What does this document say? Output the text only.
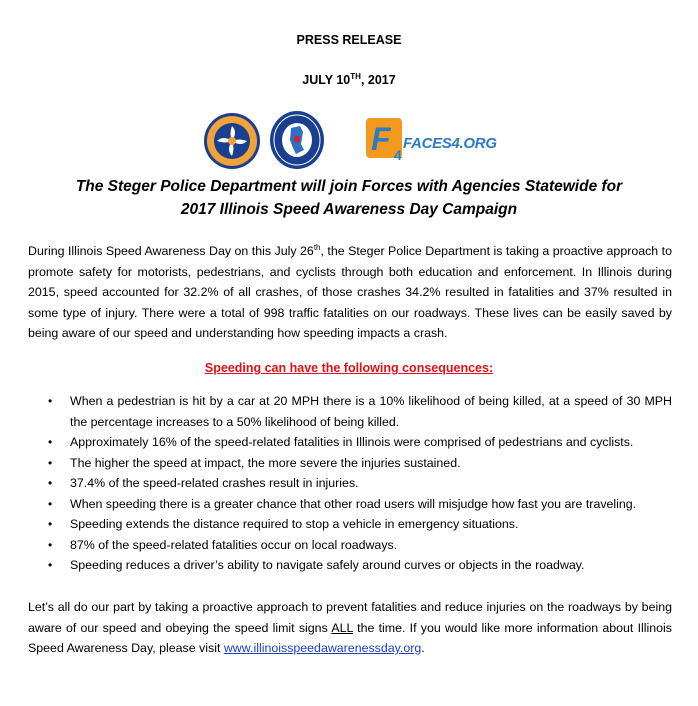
PRESS RELEASE
JULY 10TH, 2017
F 4
FACES4.ORG
The Steger Police Department will join Forces with Agencies Statewide for
2017 Illinois Speed Awareness Day Campaign

During Illinois Speed Awareness Day on this July 26th, the Steger Police Department is taking a proactive approach to promote safety for motorists, pedestrians, and cyclists through both education and enforcement. In Illinois during 2015, speed accounted for 32.2% of all crashes, of those crashes 34.2% resulted in fatalities and 37% resulted in some type of injury. There were a total of 998 traffic fatalities on our roadways. These lives can be easily saved by being aware of our speed and understanding how speeding impacts a crash.

Speeding can have the following consequences:
• When a pedestrian is hit by a car at 20 MPH there is a 10% likelihood of being killed, at a speed of 30 MPH the percentage increases to a 50% likelihood of being killed.
• Approximately 16% of the speed-related fatalities in Illinois were comprised of pedestrians and cyclists.
• The higher the speed at impact, the more severe the injuries sustained.
• 37.4% of the speed-related crashes result in injuries.
• When speeding there is a greater chance that other road users will misjudge how fast you are traveling.
• Speeding extends the distance required to stop a vehicle in emergency situations.
• 87% of the speed-related fatalities occur on local roadways.
• Speeding reduces a driver’s ability to navigate safely around curves or objects in the roadway.

Let’s all do our part by taking a proactive approach to prevent fatalities and reduce injuries on the roadways by being aware of our speed and obeying the speed limit signs ALL the time. If you would like more information about Illinois Speed Awareness Day, please visit www.illinoisspeedawarenessday.org.
